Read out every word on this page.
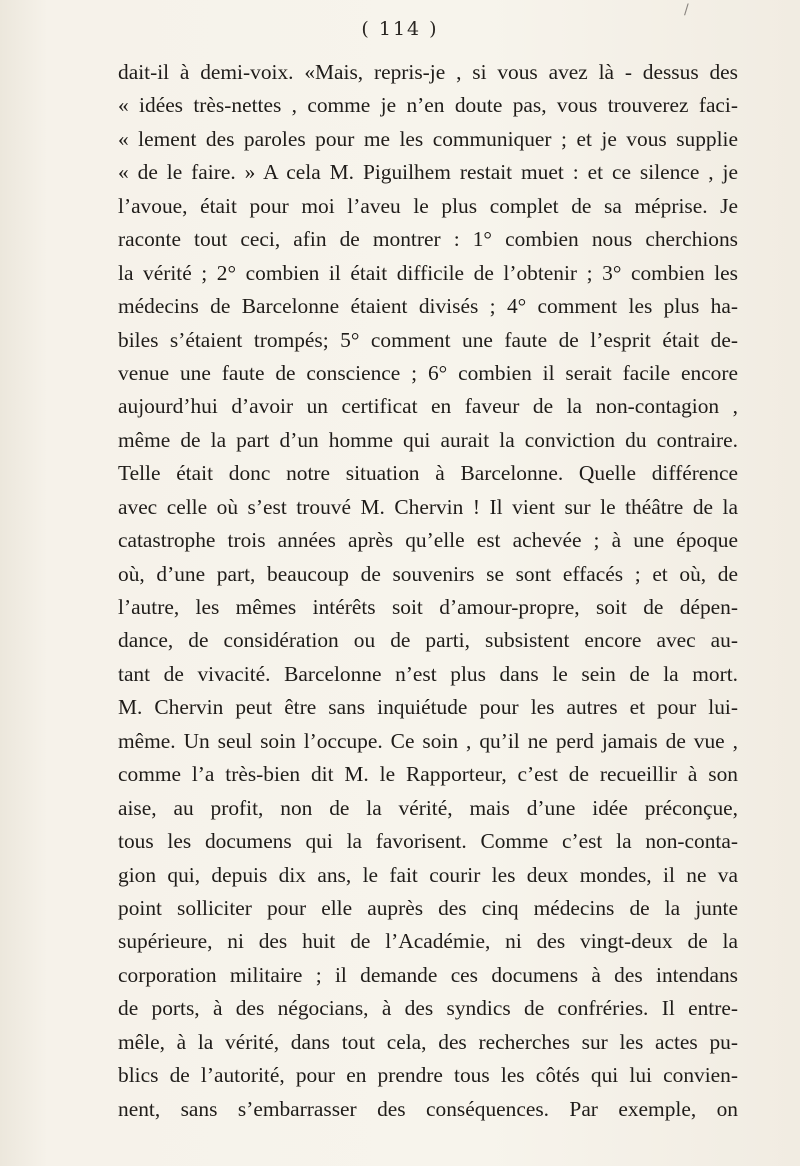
/
( 114 )
dait-il à demi-voix. «Mais, repris-je , si vous avez là - dessus des
« idées très-nettes , comme je n’en doute pas, vous trouverez faci-
« lement des paroles pour me les communiquer ; et je vous supplie
« de le faire. » A cela M. Piguilhem restait muet : et ce silence , je
l’avoue, était pour moi l’aveu le plus complet de sa méprise. Je
raconte tout ceci, afin de montrer : 1° combien nous cherchions
la vérité ; 2° combien il était difficile de l’obtenir ; 3° combien les
médecins de Barcelonne étaient divisés ; 4° comment les plus ha-
biles s’étaient trompés; 5° comment une faute de l’esprit était de-
venue une faute de conscience ; 6° combien il serait facile encore
aujourd’hui d’avoir un certificat en faveur de la non-contagion ,
même de la part d’un homme qui aurait la conviction du contraire.
Telle était donc notre situation à Barcelonne. Quelle différence
avec celle où s’est trouvé M. Chervin ! Il vient sur le théâtre de la
catastrophe trois années après qu’elle est achevée ; à une époque
où, d’une part, beaucoup de souvenirs se sont effacés ; et où, de
l’autre, les mêmes intérêts soit d’amour-propre, soit de dépen-
dance, de considération ou de parti, subsistent encore avec au-
tant de vivacité. Barcelonne n’est plus dans le sein de la mort.
M. Chervin peut être sans inquiétude pour les autres et pour lui-
même. Un seul soin l’occupe. Ce soin , qu’il ne perd jamais de vue ,
comme l’a très-bien dit M. le Rapporteur, c’est de recueillir à son
aise, au profit, non de la vérité, mais d’une idée préconçue,
tous les documens qui la favorisent. Comme c’est la non-conta-
gion qui, depuis dix ans, le fait courir les deux mondes, il ne va
point solliciter pour elle auprès des cinq médecins de la junte
supérieure, ni des huit de l’Académie, ni des vingt-deux de la
corporation militaire ; il demande ces documens à des intendans
de ports, à des négocians, à des syndics de confréries. Il entre-
mêle, à la vérité, dans tout cela, des recherches sur les actes pu-
blics de l’autorité, pour en prendre tous les côtés qui lui convien-
nent, sans s’embarrasser des conséquences. Par exemple, on
